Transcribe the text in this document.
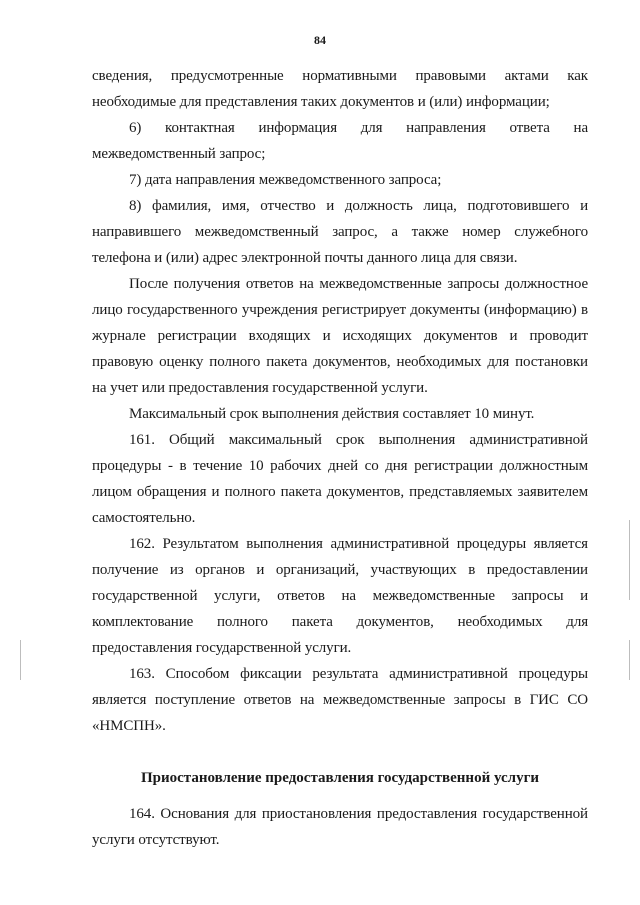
84

сведения, предусмотренные нормативными правовыми актами как необходимые для представления таких документов и (или) информации;

6) контактная информация для направления ответа на межведомственный запрос;

7) дата направления межведомственного запроса;

8) фамилия, имя, отчество и должность лица, подготовившего и направившего межведомственный запрос, а также номер служебного телефона и (или) адрес электронной почты данного лица для связи.

После получения ответов на межведомственные запросы должностное лицо государственного учреждения регистрирует документы (информацию) в журнале регистрации входящих и исходящих документов и проводит правовую оценку полного пакета документов, необходимых для постановки на учет или предоставления государственной услуги.

Максимальный срок выполнения действия составляет 10 минут.

161. Общий максимальный срок выполнения административной процедуры - в течение 10 рабочих дней со дня регистрации должностным лицом обращения и полного пакета документов, представляемых заявителем самостоятельно.

162. Результатом выполнения административной процедуры является получение из органов и организаций, участвующих в предоставлении государственной услуги, ответов на межведомственные запросы и комплектование полного пакета документов, необходимых для предоставления государственной услуги.

163. Способом фиксации результата административной процедуры является поступление ответов на межведомственные запросы в ГИС СО «НМСПН».

Приостановление предоставления государственной услуги

164. Основания для приостановления предоставления государственной услуги отсутствуют.
